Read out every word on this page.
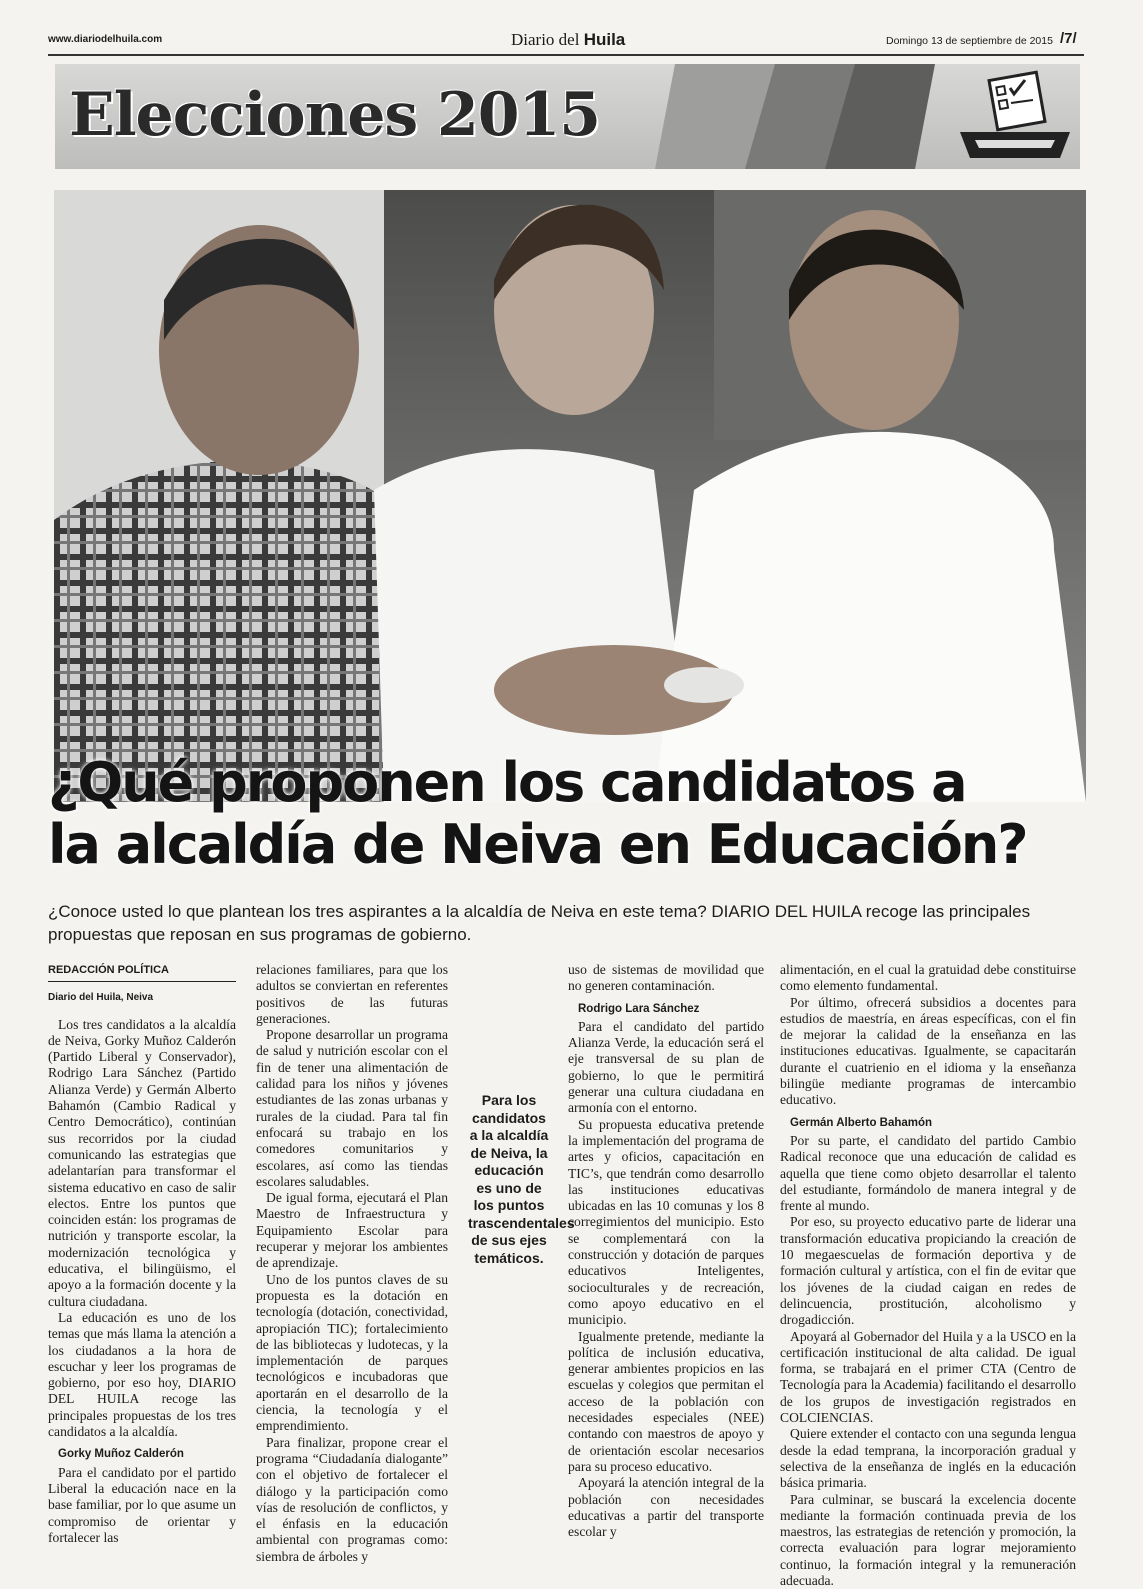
www.diariodelhuila.com	Diario del Huila	Domingo 13 de septiembre de 2015 /7/
Elecciones 2015
¿Qué proponen los candidatos a
la alcaldía de Neiva en Educación?
¿Conoce usted lo que plantean los tres aspirantes a la alcaldía de Neiva en este tema? DIARIO DEL HUILA recoge las principales propuestas que reposan en sus programas de gobierno.
REDACCIÓN POLÍTICA
Diario del Huila, Neiva

Los tres candidatos a la alcaldía de Neiva, Gorky Muñoz Calderón (Partido Liberal y Conservador), Rodrigo Lara Sánchez (Partido Alianza Verde) y Germán Alberto Bahamón (Cambio Radical y Centro Democrático), continúan sus recorridos por la ciudad comunicando las estrategias que adelantarían para transformar el sistema educativo en caso de salir electos. Entre los puntos que coinciden están: los programas de nutrición y transporte escolar, la modernización tecnológica y educativa, el bilingüismo, el apoyo a la formación docente y la cultura ciudadana.

La educación es uno de los temas que más llama la atención a los ciudadanos a la hora de escuchar y leer los programas de gobierno, por eso hoy, DIARIO DEL HUILA recoge las principales propuestas de los tres candidatos a la alcaldía.

Gorky Muñoz Calderón

Para el candidato por el partido Liberal la educación nace en la base familiar, por lo que asume un compromiso de orientar y fortalecer las

relaciones familiares, para que los adultos se conviertan en referentes positivos de las futuras generaciones.

Propone desarrollar un programa de salud y nutrición escolar con el fin de tener una alimentación de calidad para los niños y jóvenes estudiantes de las zonas urbanas y rurales de la ciudad. Para tal fin enfocará su trabajo en los comedores comunitarios y escolares, así como las tiendas escolares saludables.

De igual forma, ejecutará el Plan Maestro de Infraestructura y Equipamiento Escolar para recuperar y mejorar los ambientes de aprendizaje.

Uno de los puntos claves de su propuesta es la dotación en tecnología (dotación, conectividad, apropiación TIC); fortalecimiento de las bibliotecas y ludotecas, y la implementación de parques tecnológicos e incubadoras que aportarán en el desarrollo de la ciencia, la tecnología y el emprendimiento.

Para finalizar, propone crear el programa “Ciudadanía dialogante” con el objetivo de fortalecer el diálogo y la participación como vías de resolución de conflictos, y el énfasis en la educación ambiental con programas como: siembra de árboles y

Para los candidatos a la alcaldía de Neiva, la educación es uno de los puntos trascendentales de sus ejes temáticos.

uso de sistemas de movilidad que no generen contaminación.

Rodrigo Lara Sánchez

Para el candidato del partido Alianza Verde, la educación será el eje transversal de su plan de gobierno, lo que le permitirá generar una cultura ciudadana en armonía con el entorno.

Su propuesta educativa pretende la implementación del programa de artes y oficios, capacitación en TIC’s, que tendrán como desarrollo las instituciones educativas ubicadas en las 10 comunas y los 8 corregimientos del municipio. Esto se complementará con la construcción y dotación de parques educativos Inteligentes, socioculturales y de recreación, como apoyo educativo en el municipio.

Igualmente pretende, mediante la política de inclusión educativa, generar ambientes propicios en las escuelas y colegios que permitan el acceso de la población con necesidades especiales (NEE) contando con maestros de apoyo y de orientación escolar necesarios para su proceso educativo.

Apoyará la atención integral de la población con necesidades educativas a partir del transporte escolar y

alimentación, en el cual la gratuidad debe constituirse como elemento fundamental.

Por último, ofrecerá subsidios a docentes para estudios de maestría, en áreas específicas, con el fin de mejorar la calidad de la enseñanza en las instituciones educativas. Igualmente, se capacitarán durante el cuatrienio en el idioma y la enseñanza bilingüe mediante programas de intercambio educativo.

Germán Alberto Bahamón

Por su parte, el candidato del partido Cambio Radical reconoce que una educación de calidad es aquella que tiene como objeto desarrollar el talento del estudiante, formándolo de manera integral y de frente al mundo.

Por eso, su proyecto educativo parte de liderar una transformación educativa propiciando la creación de 10 megaescuelas de formación deportiva y de formación cultural y artística, con el fin de evitar que los jóvenes de la ciudad caigan en redes de delincuencia, prostitución, alcoholismo y drogadicción.

Apoyará al Gobernador del Huila y a la USCO en la certificación institucional de alta calidad. De igual forma, se trabajará en el primer CTA (Centro de Tecnología para la Academia) facilitando el desarrollo de los grupos de investigación registrados en COLCIENCIAS.

Quiere extender el contacto con una segunda lengua desde la edad temprana, la incorporación gradual y selectiva de la enseñanza de inglés en la educación básica primaria.

Para culminar, se buscará la excelencia docente mediante la formación continuada previa de los maestros, las estrategias de retención y promoción, la correcta evaluación para lograr mejoramiento continuo, la formación integral y la remuneración adecuada.
